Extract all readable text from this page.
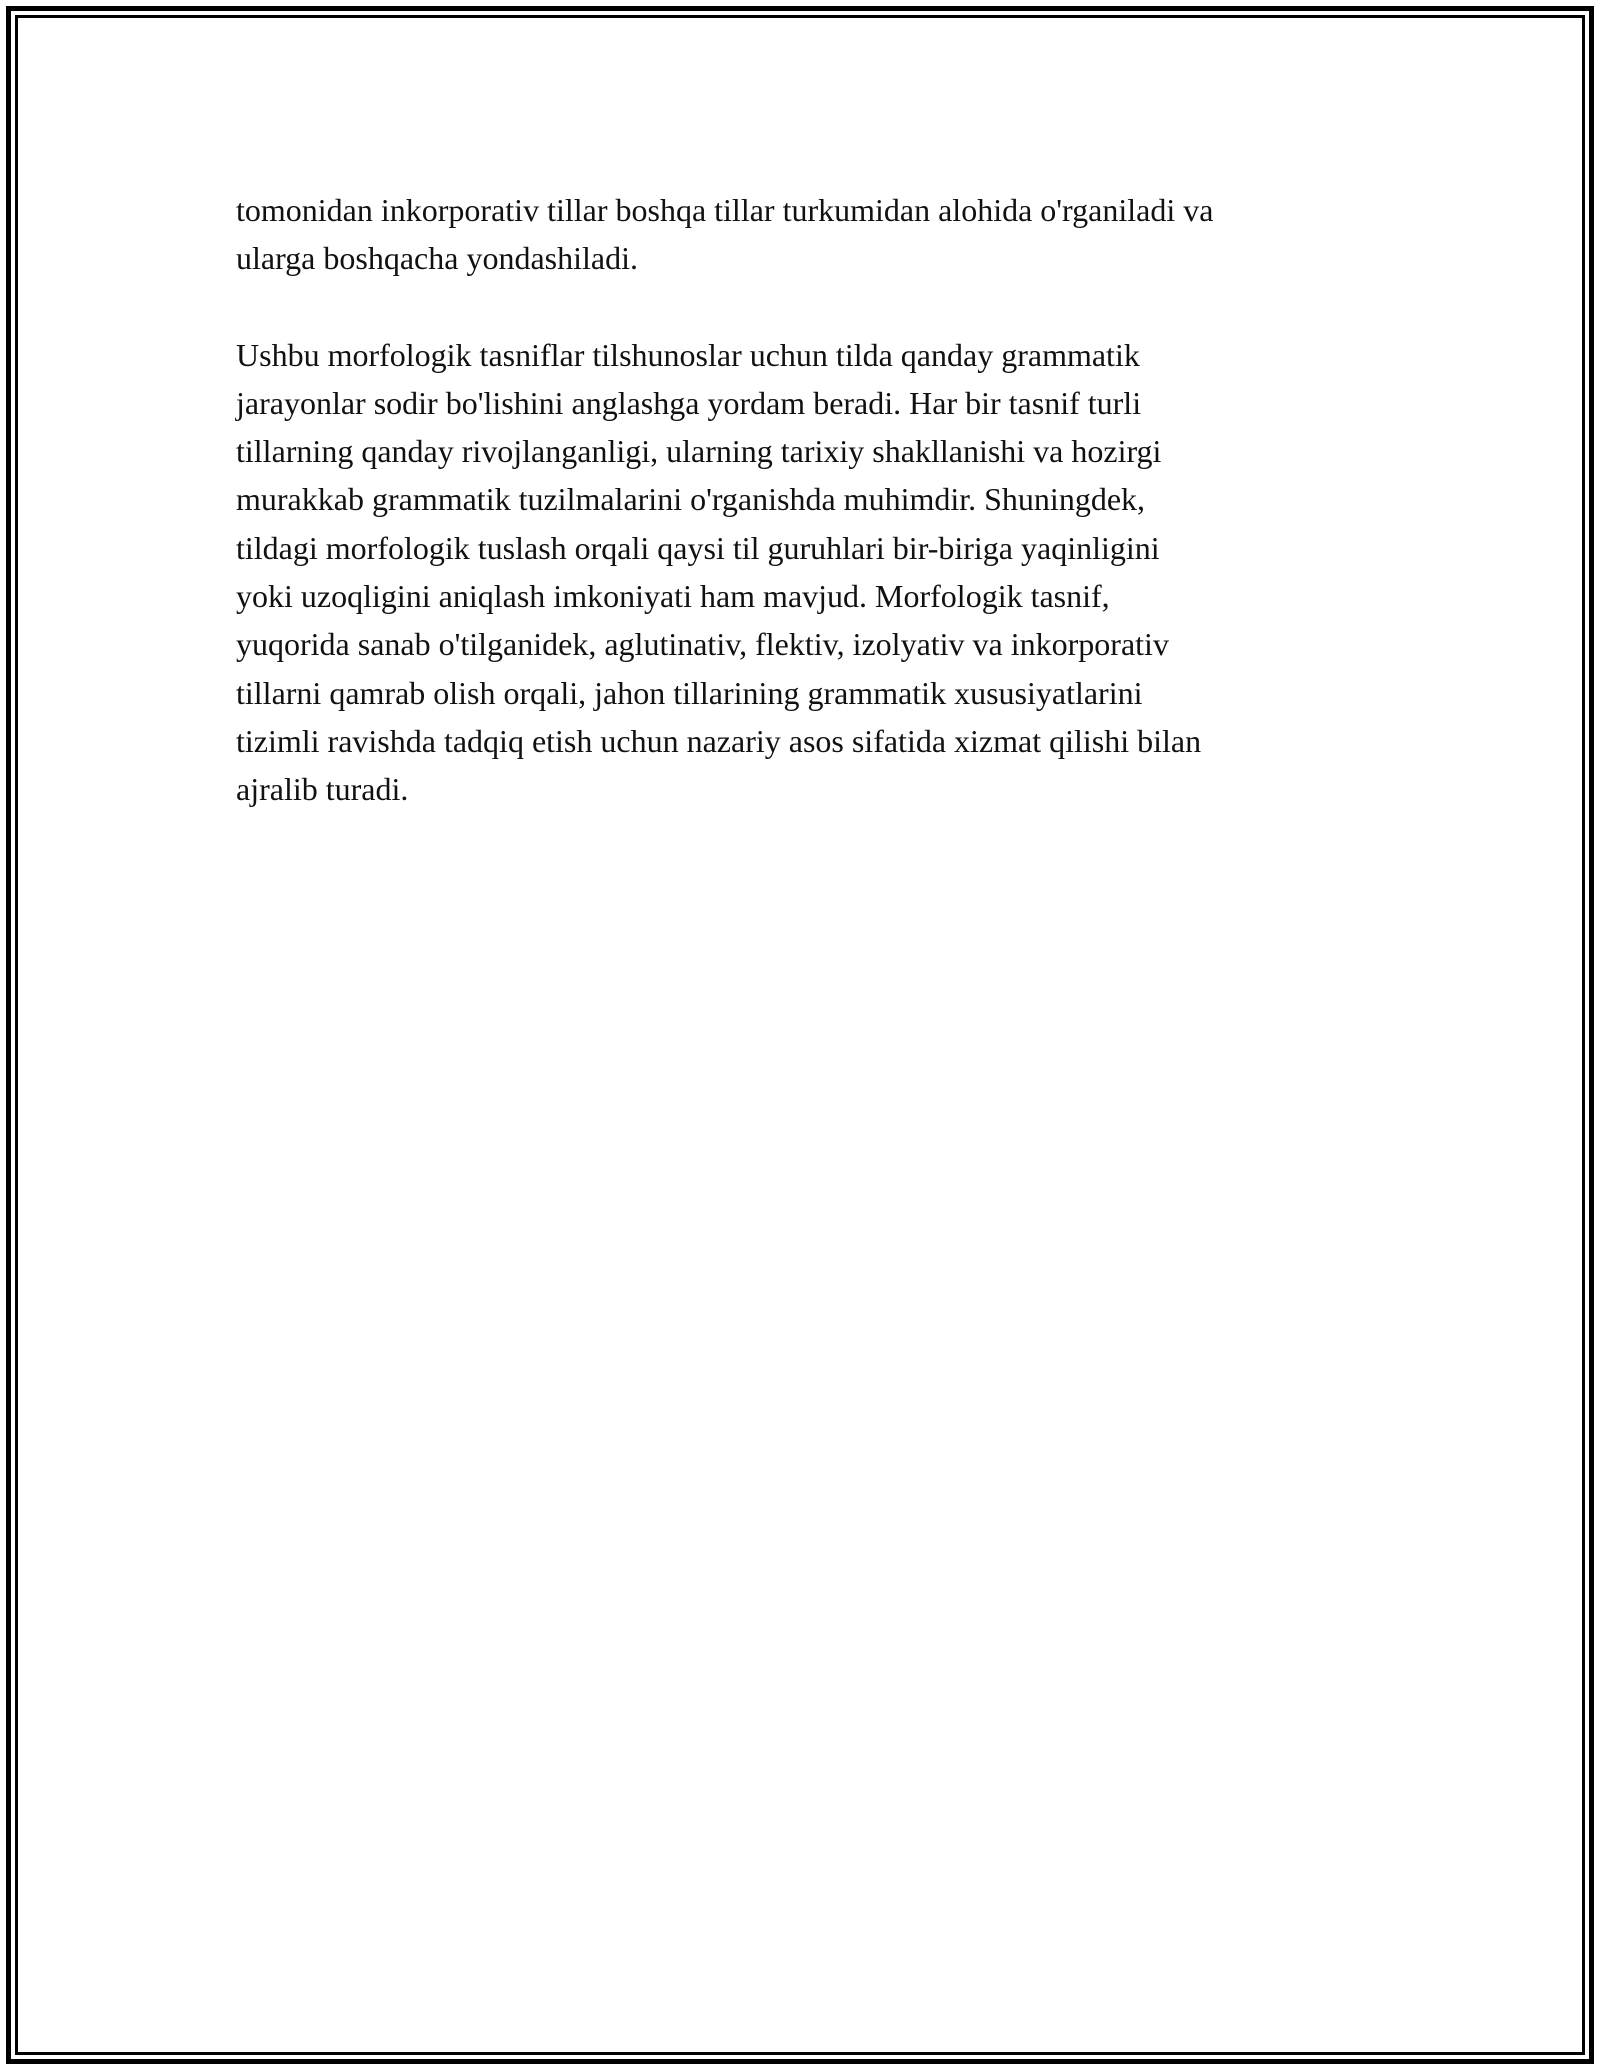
tomonidan inkorporativ tillar boshqa tillar turkumidan alohida o'rganiladi va
ularga boshqacha yondashiladi.

Ushbu morfologik tasniflar tilshunoslar uchun tilda qanday grammatik
jarayonlar sodir bo'lishini anglashga yordam beradi. Har bir tasnif turli
tillarning qanday rivojlanganligi, ularning tarixiy shakllanishi va hozirgi
murakkab grammatik tuzilmalarini o'rganishda muhimdir. Shuningdek,
tildagi morfologik tuslash orqali qaysi til guruhlari bir-biriga yaqinligini
yoki uzoqligini aniqlash imkoniyati ham mavjud. Morfologik tasnif,
yuqorida sanab o'tilganidek, aglutinativ, flektiv, izolyativ va inkorporativ
tillarni qamrab olish orqali, jahon tillarining grammatik xususiyatlarini
tizimli ravishda tadqiq etish uchun nazariy asos sifatida xizmat qilishi bilan
ajralib turadi.
